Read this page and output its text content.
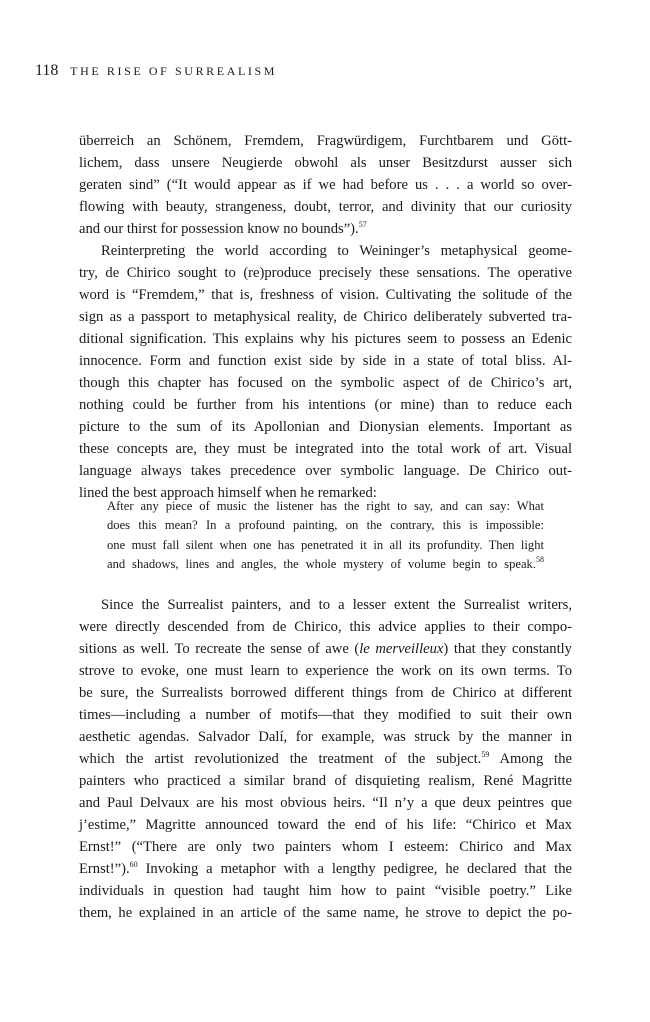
118 THE RISE OF SURREALISM
überreich an Schönem, Fremdem, Fragwürdigem, Furchtbarem und Gött-
lichem, dass unsere Neugierde obwohl als unser Besitzdurst ausser sich
geraten sind” (“It would appear as if we had before us . . . a world so over-
flowing with beauty, strangeness, doubt, terror, and divinity that our curiosity
and our thirst for possession know no bounds”).$^{57}$
Reinterpreting the world according to Weininger’s metaphysical geome-
try, de Chirico sought to (re)produce precisely these sensations. The operative
word is “Fremdem,” that is, freshness of vision. Cultivating the solitude of the
sign as a passport to metaphysical reality, de Chirico deliberately subverted tra-
ditional signification. This explains why his pictures seem to possess an Edenic
innocence. Form and function exist side by side in a state of total bliss. Al-
though this chapter has focused on the symbolic aspect of de Chirico’s art,
nothing could be further from his intentions (or mine) than to reduce each
picture to the sum of its Apollonian and Dionysian elements. Important as
these concepts are, they must be integrated into the total work of art. Visual
language always takes precedence over symbolic language. De Chirico out-
lined the best approach himself when he remarked:
After any piece of music the listener has the right to say, and can say: What
does this mean? In a profound painting, on the contrary, this is impossible:
one must fall silent when one has penetrated it in all its profundity. Then light
and shadows, lines and angles, the whole mystery of volume begin to speak.$^{58}$
Since the Surrealist painters, and to a lesser extent the Surrealist writers,
were directly descended from de Chirico, this advice applies to their compo-
sitions as well. To recreate the sense of awe (le merveilleux) that they constantly
strove to evoke, one must learn to experience the work on its own terms. To
be sure, the Surrealists borrowed different things from de Chirico at different
times—including a number of motifs—that they modified to suit their own
aesthetic agendas. Salvador Dalí, for example, was struck by the manner in
which the artist revolutionized the treatment of the subject.$^{59}$ Among the
painters who practiced a similar brand of disquieting realism, René Magritte
and Paul Delvaux are his most obvious heirs. “Il n’y a que deux peintres que
j’estime,” Magritte announced toward the end of his life: “Chirico et Max
Ernst!” (“There are only two painters whom I esteem: Chirico and Max
Ernst!”).$^{60}$ Invoking a metaphor with a lengthy pedigree, he declared that the
individuals in question had taught him how to paint “visible poetry.” Like
them, he explained in an article of the same name, he strove to depict the po-
